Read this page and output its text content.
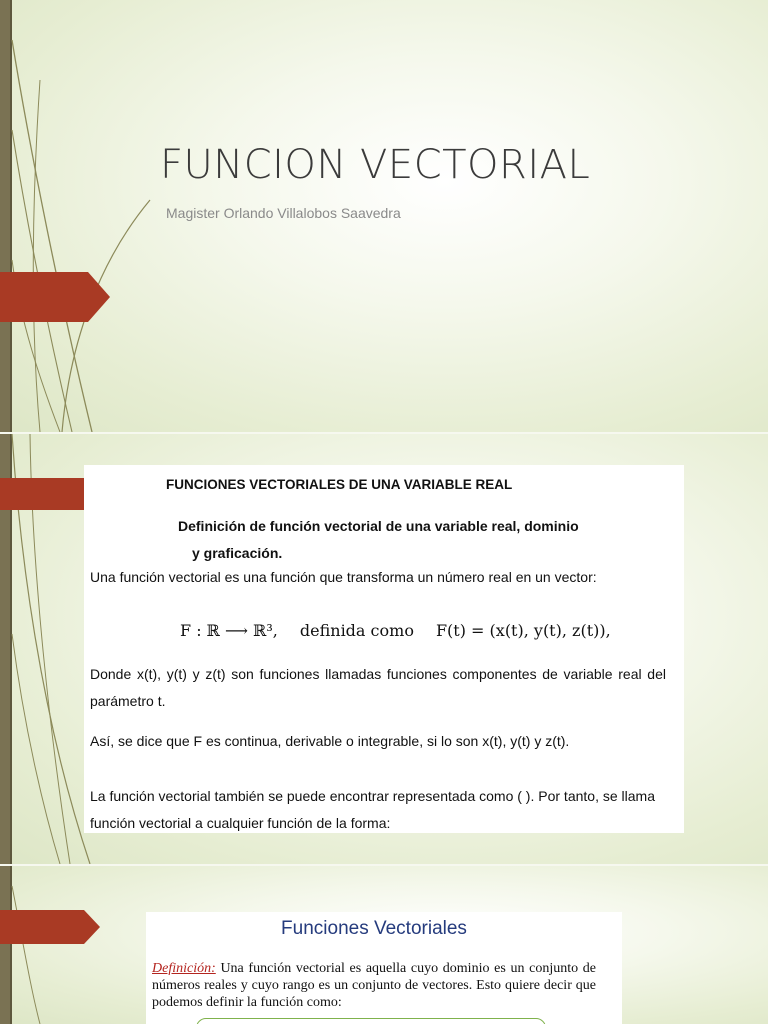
FUNCION VECTORIAL
Magister Orlando Villalobos Saavedra
FUNCIONES VECTORIALES DE UNA VARIABLE REAL
Definición de función vectorial de una variable real, dominio
y graficación.
Una función vectorial es una función que transforma un número real en un vector:
F : ℝ ⟶ ℝ³, definida como F(t) = (x(t), y(t), z(t)),
Donde x(t), y(t) y z(t) son funciones llamadas funciones componentes de variable real del parámetro t.
Así, se dice que F es continua, derivable o integrable, si lo son x(t), y(t) y z(t).
La función vectorial también se puede encontrar representada como ( ). Por tanto, se llama función vectorial a cualquier función de la forma:
Funciones Vectoriales
Definición: Una función vectorial es aquella cuyo dominio es un conjunto de números reales y cuyo rango es un conjunto de vectores. Esto quiere decir que podemos definir la función como:
